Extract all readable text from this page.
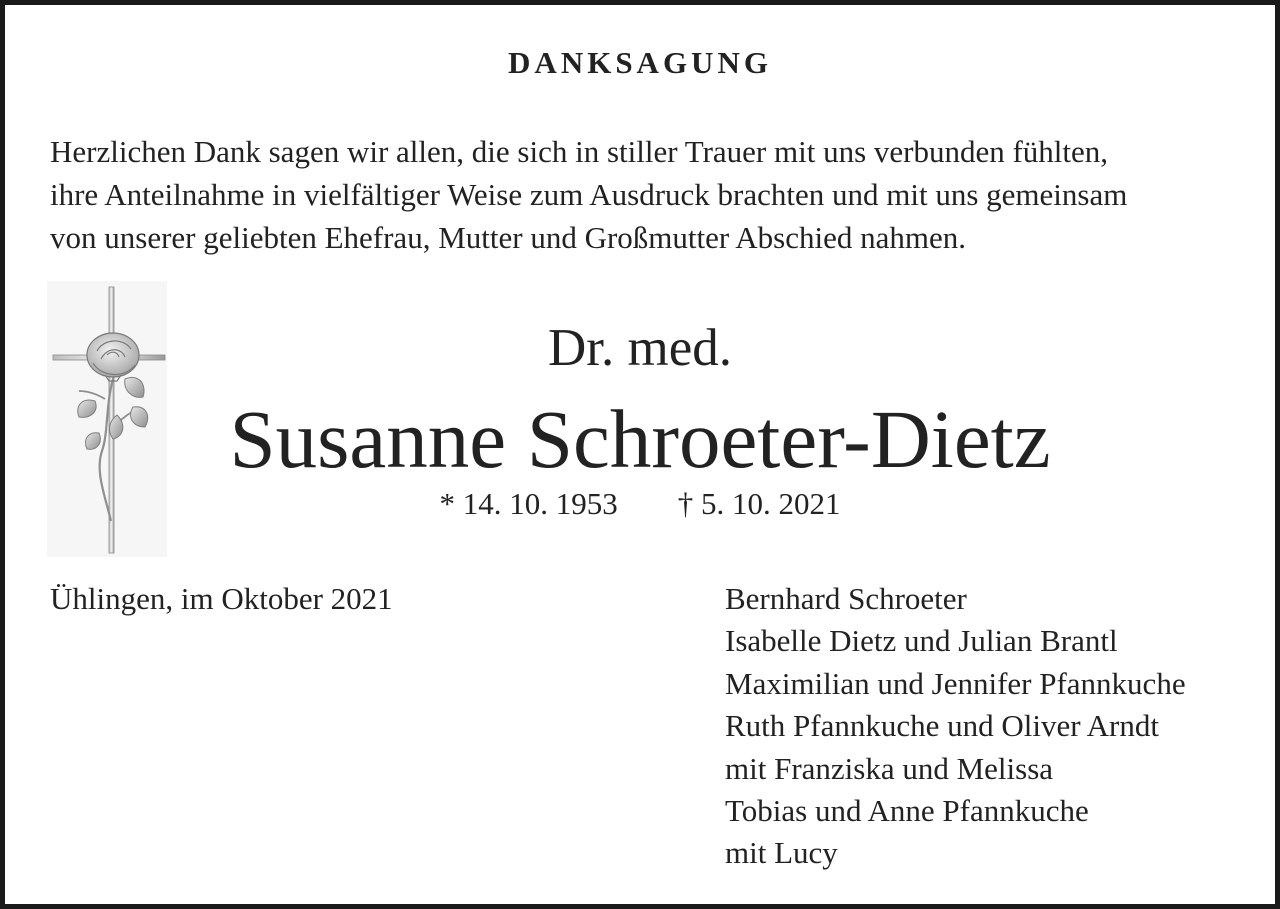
DANKSAGUNG

Herzlichen Dank sagen wir allen, die sich in stiller Trauer mit uns verbunden fühlten,
ihre Anteilnahme in vielfältiger Weise zum Ausdruck brachten und mit uns gemeinsam
von unserer geliebten Ehefrau, Mutter und Großmutter Abschied nahmen.

Dr. med.
Susanne Schroeter-Dietz
* 14. 10. 1953 † 5. 10. 2021

Ühlingen, im Oktober 2021	Bernhard Schroeter
Isabelle Dietz und Julian Brantl
Maximilian und Jennifer Pfannkuche
Ruth Pfannkuche und Oliver Arndt
mit Franziska und Melissa
Tobias und Anne Pfannkuche
mit Lucy
